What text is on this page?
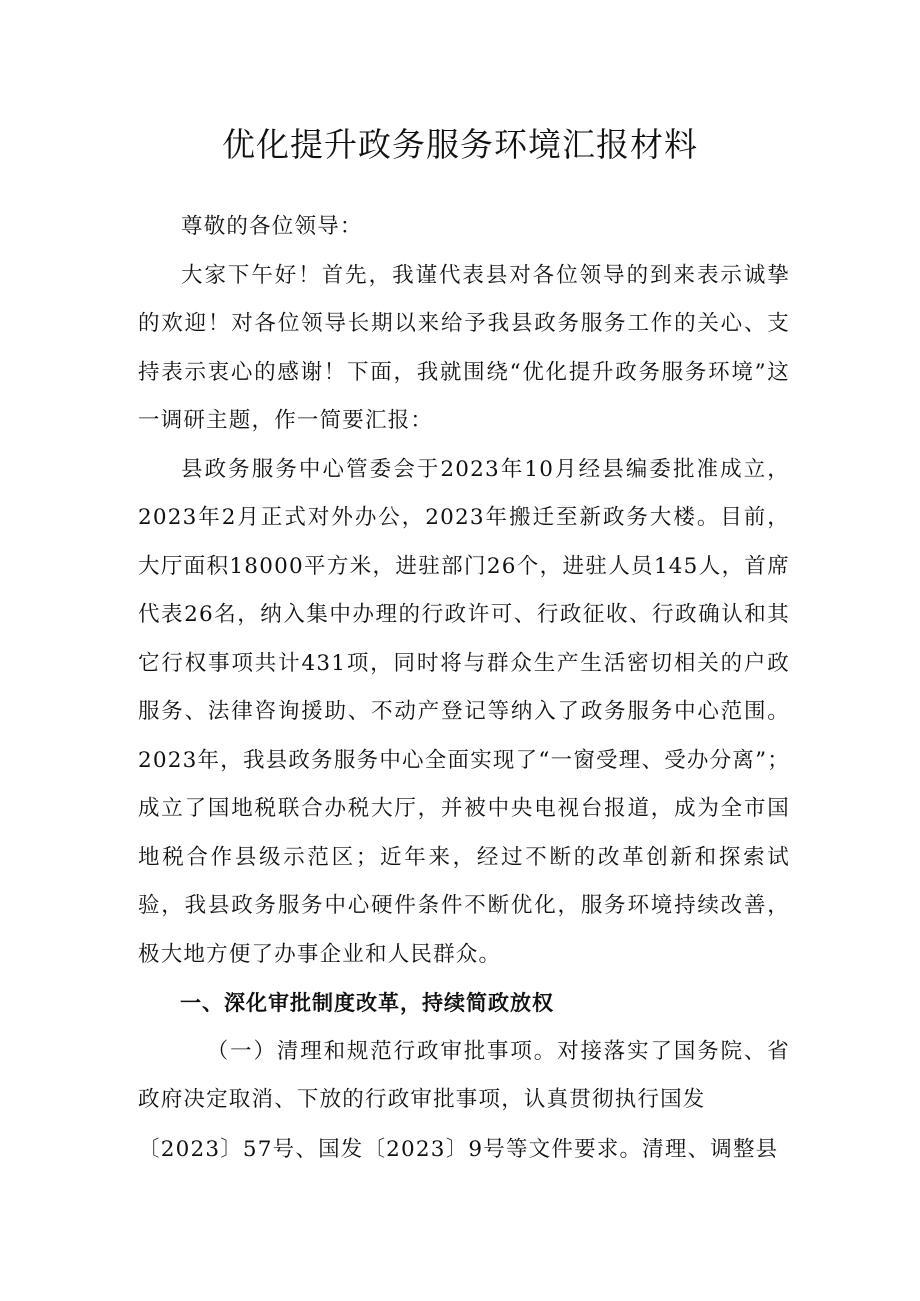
优化提升政务服务环境汇报材料

尊敬的各位领导：

大家下午好！首先，我谨代表县对各位领导的到来表示诚挚的欢迎！对各位领导长期以来给予我县政务服务工作的关心、支持表示衷心的感谢！下面，我就围绕“优化提升政务服务环境”这一调研主题，作一简要汇报：

县政务服务中心管委会于2023年10月经县编委批准成立，2023年2月正式对外办公，2023年搬迁至新政务大楼。目前，大厅面积18000平方米，进驻部门26个，进驻人员145人，首席代表26名，纳入集中办理的行政许可、行政征收、行政确认和其它行权事项共计431项，同时将与群众生产生活密切相关的户政服务、法律咨询援助、不动产登记等纳入了政务服务中心范围。2023年，我县政务服务中心全面实现了“一窗受理、受办分离”；成立了国地税联合办税大厅，并被中央电视台报道，成为全市国地税合作县级示范区；近年来，经过不断的改革创新和探索试验，我县政务服务中心硬件条件不断优化，服务环境持续改善，极大地方便了办事企业和人民群众。

一、深化审批制度改革，持续简政放权

（一）清理和规范行政审批事项。对接落实了国务院、省政府决定取消、下放的行政审批事项，认真贯彻执行国发

〔2023〕57号、国发〔2023〕9号等文件要求。清理、调整县
